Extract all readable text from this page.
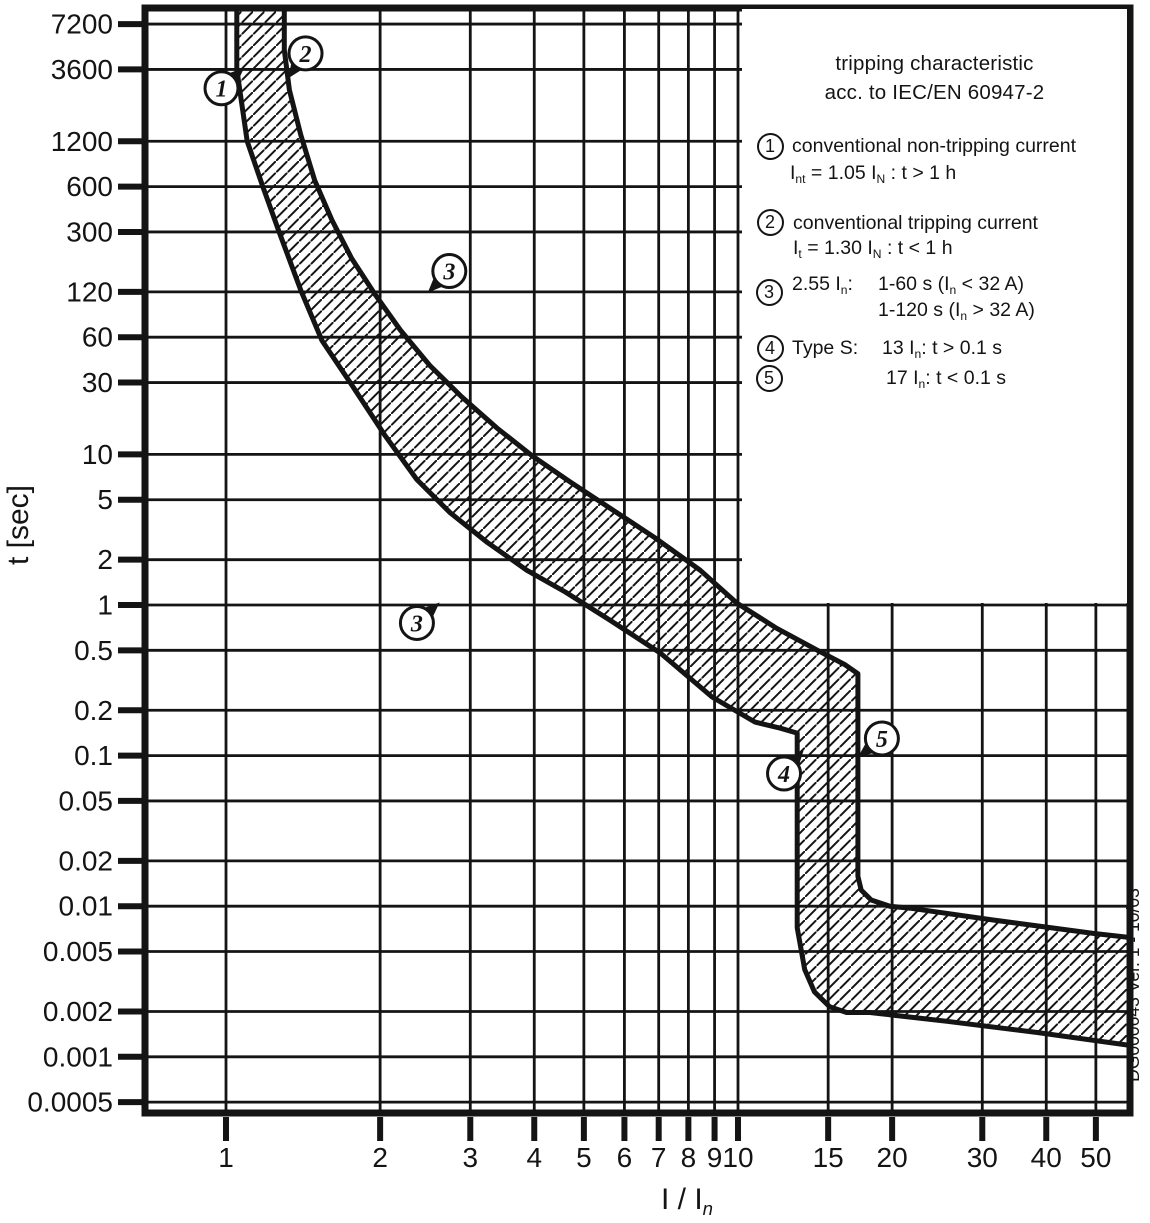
1	2	3 4 5 6 7 8 9 10 15 20 30 40 50
7200
3600
1200
600
300
120
60
30
10
5
2
1
0.5
0.2
0.1
0.05
0.02
0.01
0.005
0.002
0.001
0.0005
DG000643 Ver. 1 - 10/03
1
2
3
3
4
5
tripping characteristic
acc. to IEC/EN 60947-2
1 conventional non-tripping current
$I_{nt} = 1.05$ $I_N$ : t > 1 h
2 conventional tripping current
$I_t = 1.30$ $I_N$ : t < 1 h
3 2.55 $I_n$: 1-60 s ($I_n < 32$ A)
1-120 s ($I_n > 32$ A)
4 Type S: 13 $I_n$: t > 0.1 s
5	17 $I_n$: t < 0.1 s
t [sec]
I / $I_n$
